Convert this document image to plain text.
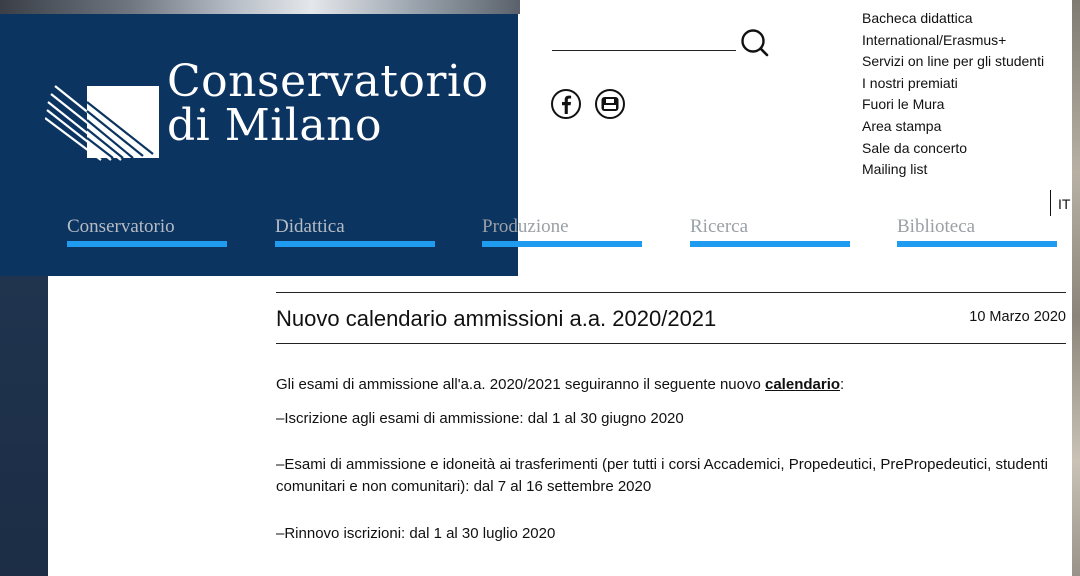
Conservatorio
di Milano
Conservatorio	Didattica	Produzione	Ricerca	Biblioteca
Bacheca didattica
International/Erasmus+
Servizi on line per gli studenti
I nostri premiati
Fuori le Mura
Area stampa
Sale da concerto
Mailing list
IT
Nuovo calendario ammissioni a.a. 2020/2021	10 Marzo 2020
Gli esami di ammissione all'a.a. 2020/2021 seguiranno il seguente nuovo calendario:
–Iscrizione agli esami di ammissione: dal 1 al 30 giugno 2020
–Esami di ammissione e idoneità ai trasferimenti (per tutti i corsi Accademici, Propedeutici, PrePropedeutici, studenti comunitari e non comunitari): dal 7 al 16 settembre 2020
–Rinnovo iscrizioni: dal 1 al 30 luglio 2020
